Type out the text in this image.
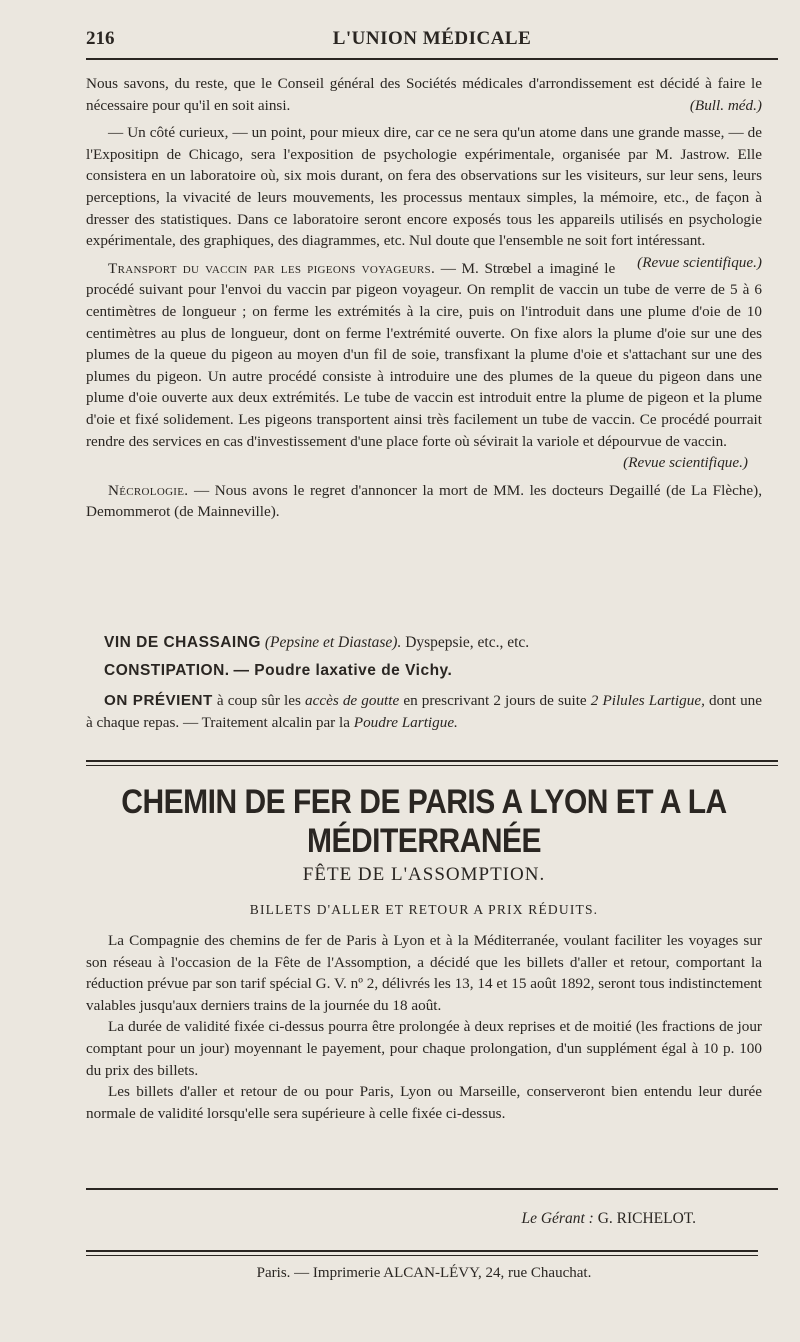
216	L'UNION MÉDICALE

Nous savons, du reste, que le Conseil général des Sociétés médicales d'arrondissement est décidé à faire le nécessaire pour qu'il en soit ainsi.	(Bull. méd.)

— Un côté curieux, — un point, pour mieux dire, car ce ne sera qu'un atome dans une grande masse, — de l'Expositipn de Chicago, sera l'exposition de psychologie expérimentale, organisée par M. Jastrow. Elle consistera en un laboratoire où, six mois durant, on fera des observations sur les visiteurs, sur leur sens, leurs perceptions, la vivacité de leurs mouvements, les processus mentaux simples, la mémoire, etc., de façon à dresser des statistiques. Dans ce laboratoire seront encore exposés tous les appareils utilisés en psychologie expérimentale, des graphiques, des diagrammes, etc. Nul doute que l'ensemble ne soit fort intéressant.
(Revue scientifique.)

Transport du vaccin par les pigeons voyageurs. — M. Strœbel a imaginé le procédé suivant pour l'envoi du vaccin par pigeon voyageur. On remplit de vaccin un tube de verre de 5 à 6 centimètres de longueur ; on ferme les extrémités à la cire, puis on l'introduit dans une plume d'oie de 10 centimètres au plus de longueur, dont on ferme l'extrémité ouverte. On fixe alors la plume d'oie sur une des plumes de la queue du pigeon au moyen d'un fil de soie, transfixant la plume d'oie et s'attachant sur une des plumes du pigeon. Un autre procédé consiste à introduire une des plumes de la queue du pigeon dans une plume d'oie ouverte aux deux extrémités. Le tube de vaccin est introduit entre la plume de pigeon et la plume d'oie et fixé solidement. Les pigeons transportent ainsi très facilement un tube de vaccin. Ce procédé pourrait rendre des services en cas d'investissement d'une place forte où sévirait la variole et dépourvue de vaccin.

(Revue scientifique.)

Nécrologie. — Nous avons le regret d'annoncer la mort de MM. les docteurs Degaillé (de La Flèche), Demommerot (de Mainneville).

VIN DE CHASSAING (Pepsine et Diastase). Dyspepsie, etc., etc.
CONSTIPATION. — Poudre laxative de Vichy.

ON PRÉVIENT à coup sûr les accès de goutte en prescrivant 2 jours de suite 2 Pilules Lartigue, dont une à chaque repas. — Traitement alcalin par la Poudre Lartigue.

CHEMIN DE FER DE PARIS A LYON ET A LA MÉDITERRANÉE
FÊTE DE L'ASSOMPTION.
BILLETS D'ALLER ET RETOUR A PRIX RÉDUITS.

La Compagnie des chemins de fer de Paris à Lyon et à la Méditerranée, voulant faciliter les voyages sur son réseau à l'occasion de la Fête de l'Assomption, a décidé que les billets d'aller et retour, comportant la réduction prévue par son tarif spécial G. V. nº 2, délivrés les 13, 14 et 15 août 1892, seront tous indistinctement valables jusqu'aux derniers trains de la journée du 18 août.

La durée de validité fixée ci-dessus pourra être prolongée à deux reprises et de moitié (les fractions de jour comptant pour un jour) moyennant le payement, pour chaque prolongation, d'un supplément égal à 10 p. 100 du prix des billets.

Les billets d'aller et retour de ou pour Paris, Lyon ou Marseille, conserveront bien entendu leur durée normale de validité lorsqu'elle sera supérieure à celle fixée ci-dessus.

Le Gérant : G. RICHELOT.
Paris. — Imprimerie ALCAN-LÉVY, 24, rue Chauchat.
